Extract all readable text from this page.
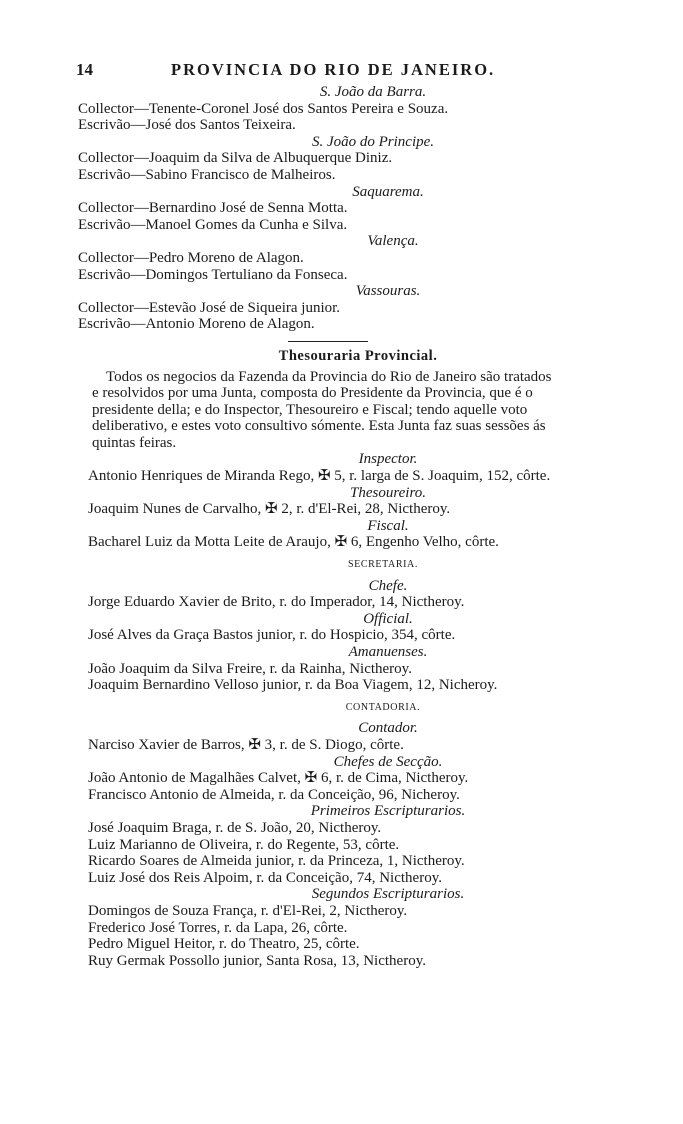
14	PROVINCIA DO RIO DE JANEIRO.
S. João da Barra.
Collector—Tenente-Coronel José dos Santos Pereira e Souza.
Escrivão—José dos Santos Teixeira.
S. João do Principe.
Collector—Joaquim da Silva de Albuquerque Diniz.
Escrivão—Sabino Francisco de Malheiros.
Saquarema.
Collector—Bernardino José de Senna Motta.
Escrivão—Manoel Gomes da Cunha e Silva.
Valença.
Collector—Pedro Moreno de Alagon.
Escrivão—Domingos Tertuliano da Fonseca.
Vassouras.
Collector—Estevão José de Siqueira junior.
Escrivão—Antonio Moreno de Alagon.
Thesouraria Provincial.
Todos os negocios da Fazenda da Provincia do Rio de Janeiro são tratados
e resolvidos por uma Junta, composta do Presidente da Provincia, que é o
presidente della; e do Inspector, Thesoureiro e Fiscal; tendo aquelle voto
deliberativo, e estes voto consultivo sómente. Esta Junta faz suas sessões ás
quintas feiras.
Inspector.
Antonio Henriques de Miranda Rego, ✠ 5, r. larga de S. Joaquim, 152, côrte.
Thesoureiro.
Joaquim Nunes de Carvalho, ✠ 2, r. d'El-Rei, 28, Nictheroy.
Fiscal.
Bacharel Luiz da Motta Leite de Araujo, ✠ 6, Engenho Velho, côrte.
SECRETARIA.
Chefe.
Jorge Eduardo Xavier de Brito, r. do Imperador, 14, Nictheroy.
Official.
José Alves da Graça Bastos junior, r. do Hospicio, 354, côrte.
Amanuenses.
João Joaquim da Silva Freire, r. da Rainha, Nictheroy.
Joaquim Bernardino Velloso junior, r. da Boa Viagem, 12, Nicheroy.
CONTADORIA.
Contador.
Narciso Xavier de Barros, ✠ 3, r. de S. Diogo, côrte.
Chefes de Secção.
João Antonio de Magalhães Calvet, ✠ 6, r. de Cima, Nictheroy.
Francisco Antonio de Almeida, r. da Conceição, 96, Nicheroy.
Primeiros Escripturarios.
José Joaquim Braga, r. de S. João, 20, Nictheroy.
Luiz Marianno de Oliveira, r. do Regente, 53, côrte.
Ricardo Soares de Almeida junior, r. da Princeza, 1, Nictheroy.
Luiz José dos Reis Alpoim, r. da Conceição, 74, Nictheroy.
Segundos Escripturarios.
Domingos de Souza França, r. d'El-Rei, 2, Nictheroy.
Frederico José Torres, r. da Lapa, 26, côrte.
Pedro Miguel Heitor, r. do Theatro, 25, côrte.
Ruy Germak Possollo junior, Santa Rosa, 13, Nictheroy.
